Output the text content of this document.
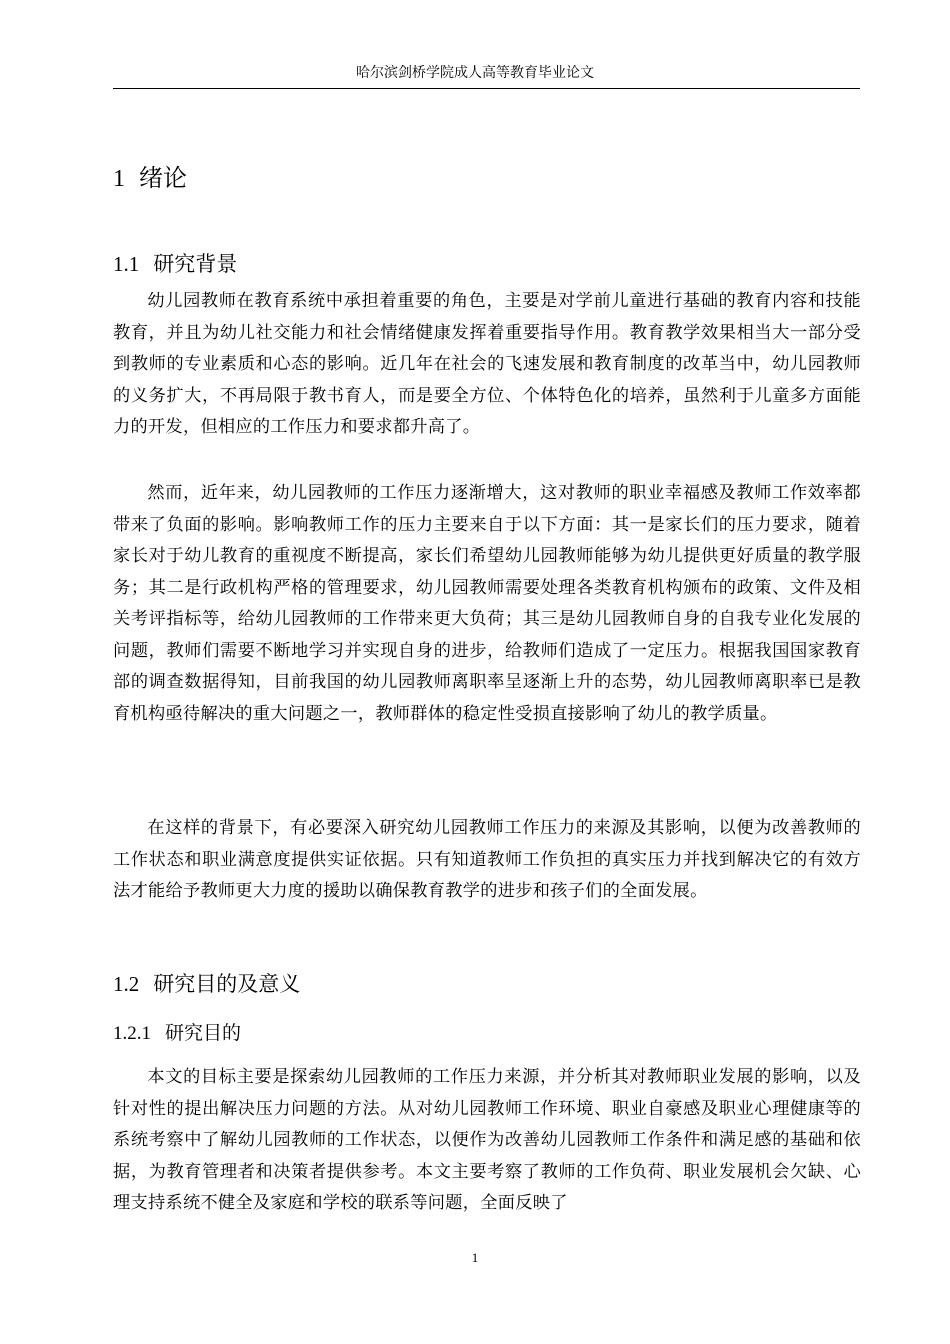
哈尔滨剑桥学院成人高等教育毕业论文
1 绪论
1.1 研究背景

幼儿园教师在教育系统中承担着重要的角色，主要是对学前儿童进行基础的教育内容和技能教育，并且为幼儿社交能力和社会情绪健康发挥着重要指导作用。教育教学效果相当大一部分受到教师的专业素质和心态的影响。近几年在社会的飞速发展和教育制度的改革当中，幼儿园教师的义务扩大，不再局限于教书育人，而是要全方位、个体特色化的培养，虽然利于儿童多方面能力的开发，但相应的工作压力和要求都升高了。

然而，近年来，幼儿园教师的工作压力逐渐增大，这对教师的职业幸福感及教师工作效率都带来了负面的影响。影响教师工作的压力主要来自于以下方面：其一是家长们的压力要求，随着家长对于幼儿教育的重视度不断提高，家长们希望幼儿园教师能够为幼儿提供更好质量的教学服务；其二是行政机构严格的管理要求，幼儿园教师需要处理各类教育机构颁布的政策、文件及相关考评指标等，给幼儿园教师的工作带来更大负荷；其三是幼儿园教师自身的自我专业化发展的问题，教师们需要不断地学习并实现自身的进步，给教师们造成了一定压力。根据我国国家教育部的调查数据得知，目前我国的幼儿园教师离职率呈逐渐上升的态势，幼儿园教师离职率已是教育机构亟待解决的重大问题之一，教师群体的稳定性受损直接影响了幼儿的教学质量。

在这样的背景下，有必要深入研究幼儿园教师工作压力的来源及其影响，以便为改善教师的工作状态和职业满意度提供实证依据。只有知道教师工作负担的真实压力并找到解决它的有效方法才能给予教师更大力度的援助以确保教育教学的进步和孩子们的全面发展。

1.2 研究目的及意义
1.2.1 研究目的

本文的目标主要是探索幼儿园教师的工作压力来源，并分析其对教师职业发展的影响，以及针对性的提出解决压力问题的方法。从对幼儿园教师工作环境、职业自豪感及职业心理健康等的系统考察中了解幼儿园教师的工作状态，以便作为改善幼儿园教师工作条件和满足感的基础和依据，为教育管理者和决策者提供参考。本文主要考察了教师的工作负荷、职业发展机会欠缺、心理支持系统不健全及家庭和学校的联系等问题，全面反映了

1
